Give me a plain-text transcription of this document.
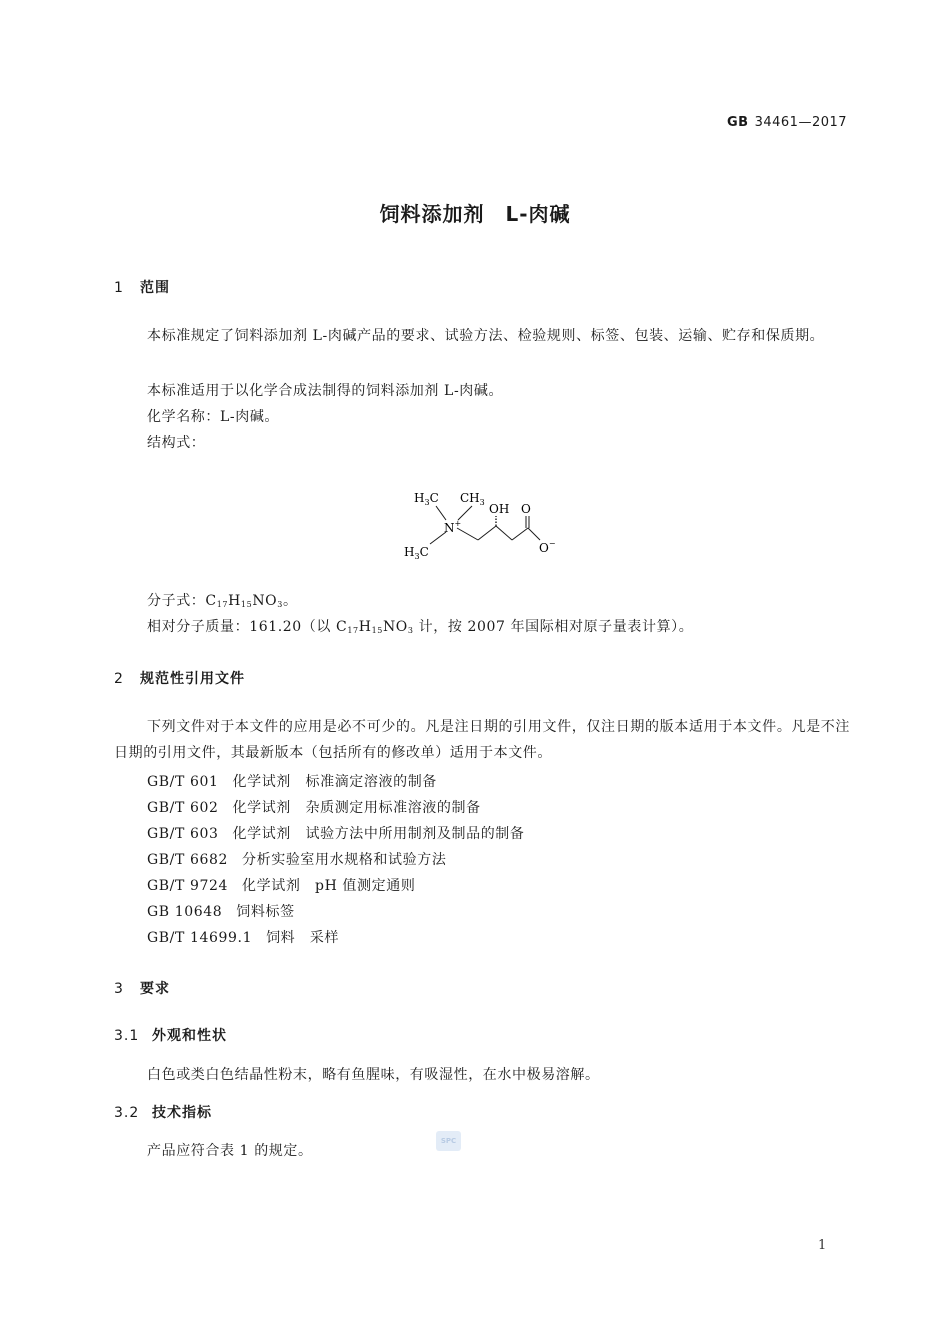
GB 34461—2017
饲料添加剂　L-肉碱
1 范围
本标准规定了饲料添加剂 L-肉碱产品的要求、试验方法、检验规则、标签、包装、运输、贮存和保质期。
本标准适用于以化学合成法制得的饲料添加剂 L-肉碱。
化学名称：L-肉碱。
结构式：
$H_3C$ $CH_3$
$H_3C$
N+
OH O
O−
分子式：$C_{17}H_{15}NO_3$。
相对分子质量：161.20（以 $C_{17}H_{15}NO_3$ 计，按 2007 年国际相对原子量表计算）。
2 规范性引用文件
下列文件对于本文件的应用是必不可少的。凡是注日期的引用文件，仅注日期的版本适用于本文件。凡是不注日期的引用文件，其最新版本（包括所有的修改单）适用于本文件。
GB/T 601 化学试剂　标准滴定溶液的制备
GB/T 602 化学试剂　杂质测定用标准溶液的制备
GB/T 603 化学试剂　试验方法中所用制剂及制品的制备
GB/T 6682 分析实验室用水规格和试验方法
GB/T 9724 化学试剂　pH 值测定通则
GB 10648 饲料标签
GB/T 14699.1 饲料　采样
3 要求
3.1 外观和性状
白色或类白色结晶性粉末，略有鱼腥味，有吸湿性，在水中极易溶解。
3.2 技术指标
产品应符合表 1 的规定。
SPC
1
